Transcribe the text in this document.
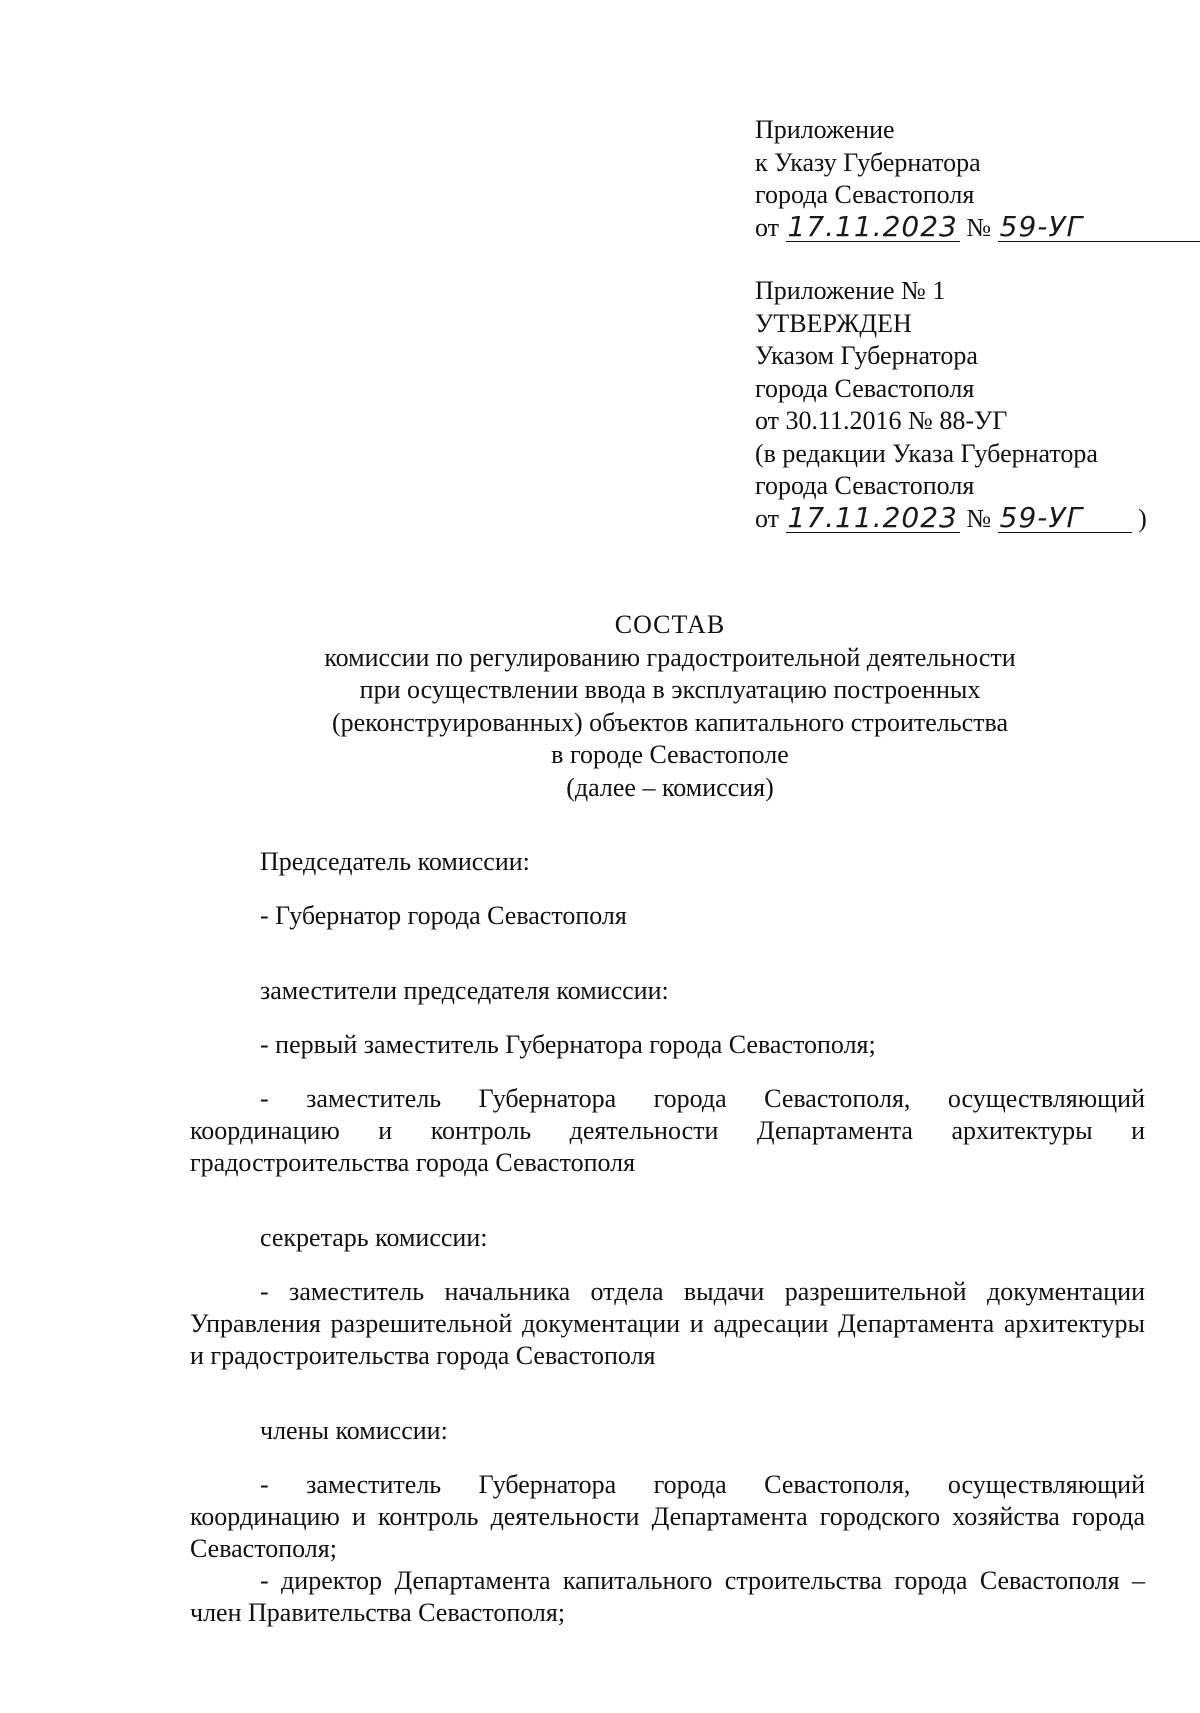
Приложение
к Указу Губернатора
города Севастополя
от 17.11.2023 № 59-УГ
Приложение № 1
УТВЕРЖДЕН
Указом Губернатора
города Севастополя
от 30.11.2016 № 88-УГ
(в редакции Указа Губернатора
города Севастополя
от 17.11.2023 № 59-УГ )
СОСТАВ
комиссии по регулированию градостроительной деятельности
при осуществлении ввода в эксплуатацию построенных
(реконструированных) объектов капитального строительства
в городе Севастополе
(далее – комиссия)

Председатель комиссии:

- Губернатор города Севастополя

заместители председателя комиссии:

- первый заместитель Губернатора города Севастополя;

- заместитель Губернатора города Севастополя, осуществляющий координацию и контроль деятельности Департамента архитектуры и градостроительства города Севастополя

секретарь комиссии:

- заместитель начальника отдела выдачи разрешительной документации Управления разрешительной документации и адресации Департамента архитектуры и градостроительства города Севастополя

члены комиссии:

- заместитель Губернатора города Севастополя, осуществляющий координацию и контроль деятельности Департамента городского хозяйства города Севастополя;

- директор Департамента капитального строительства города Севастополя – член Правительства Севастополя;
